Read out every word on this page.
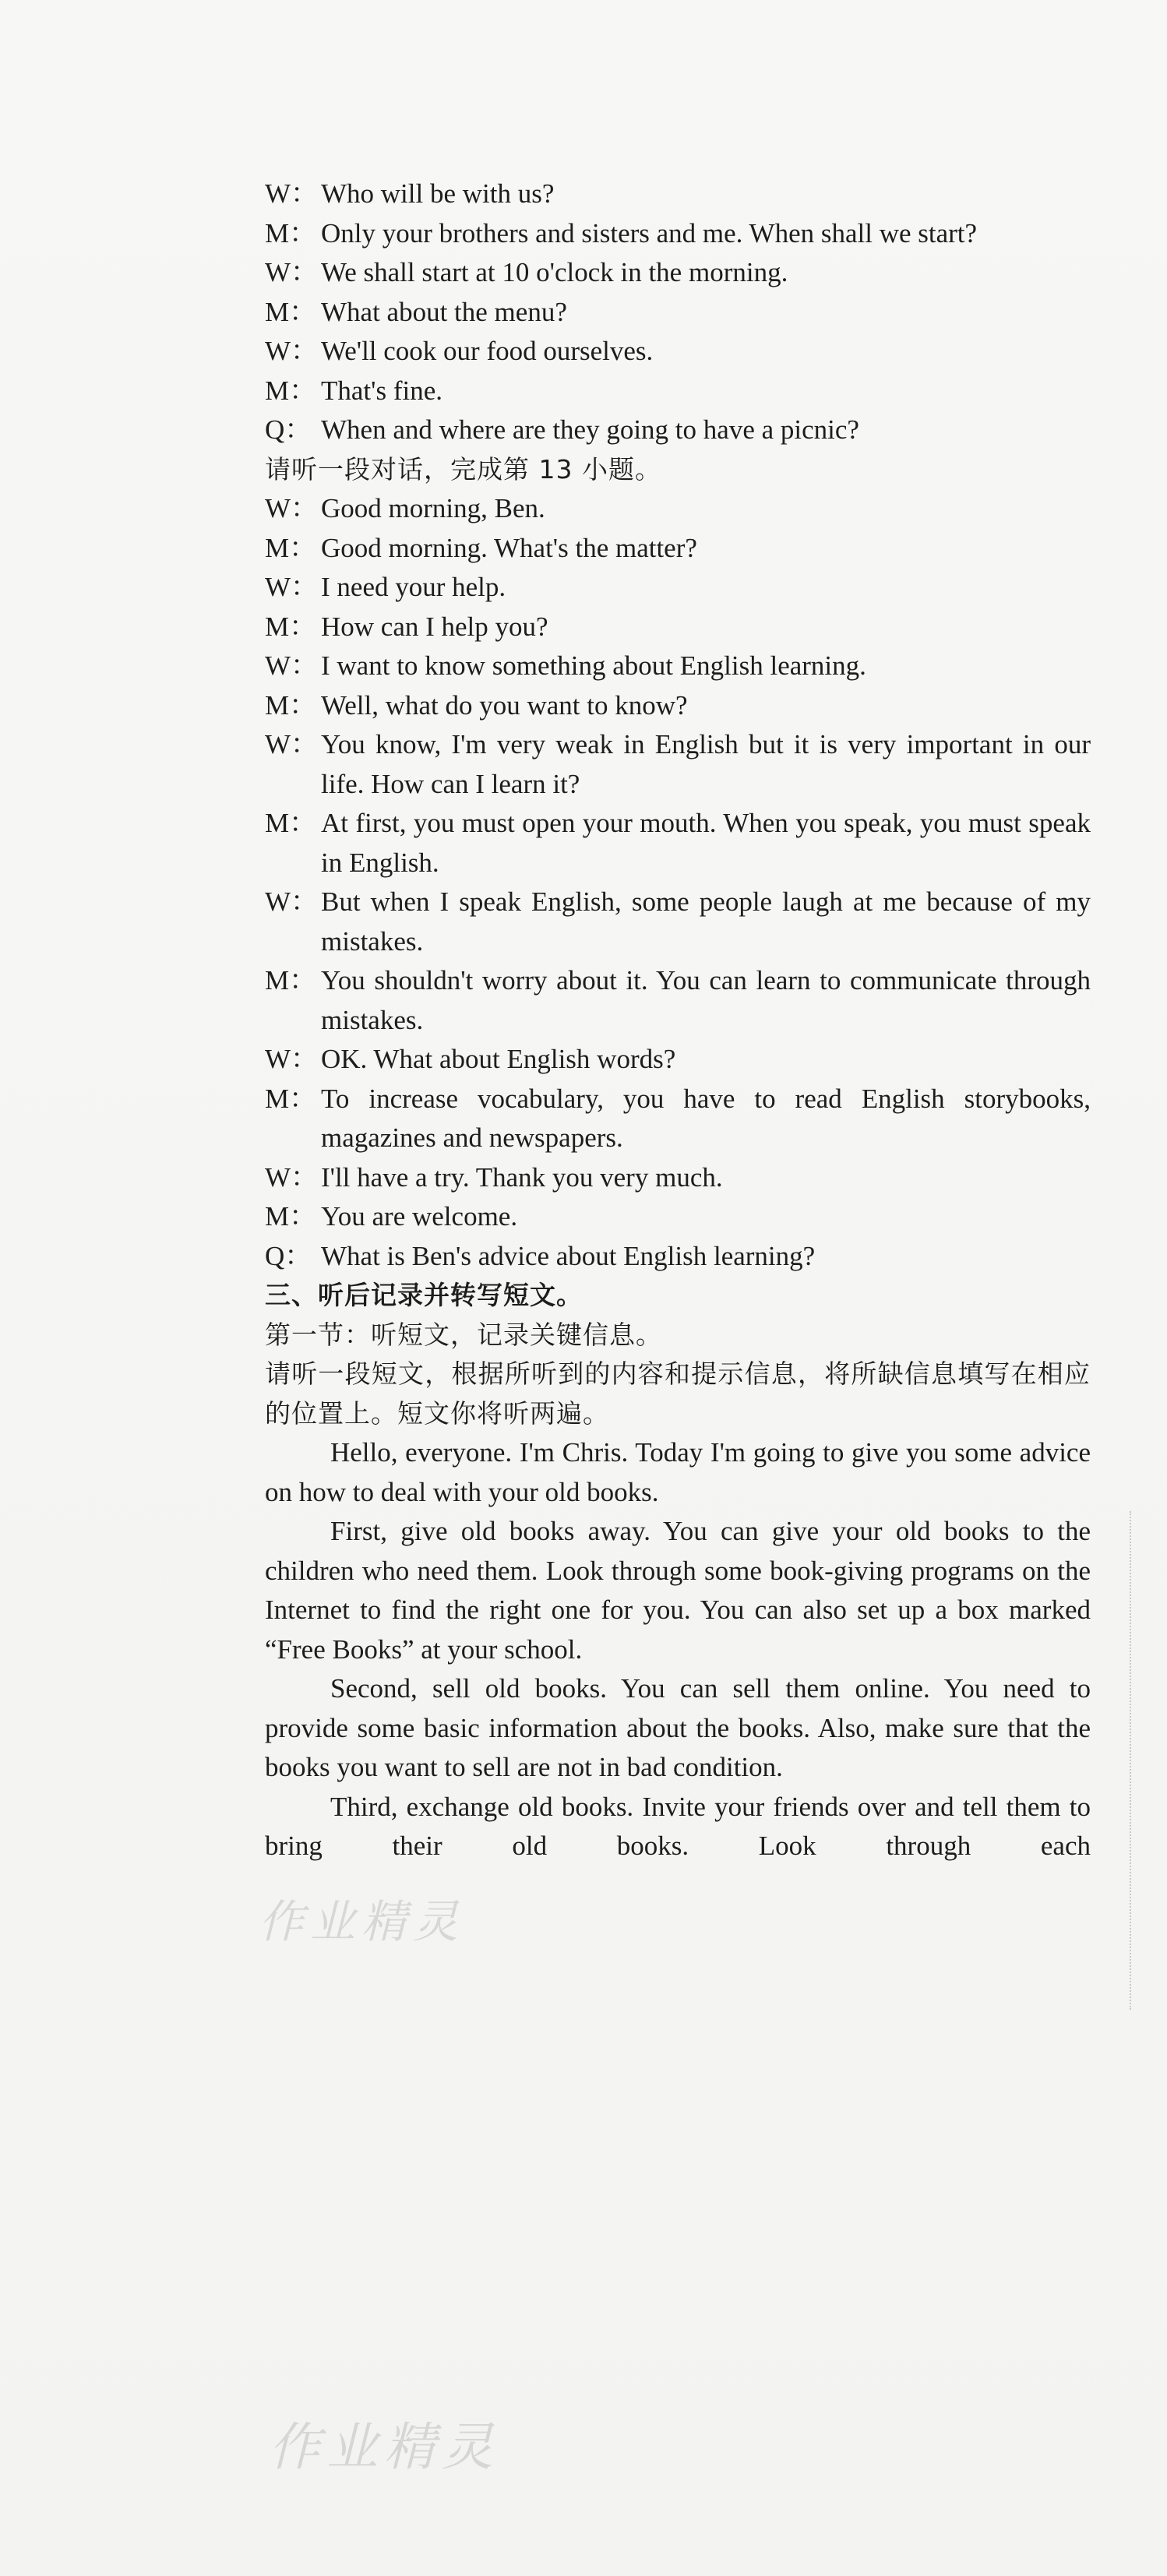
W： Who will be with us?
M： Only your brothers and sisters and me. When shall we start?
W： We shall start at 10 o'clock in the morning.
M： What about the menu?
W： We'll cook our food ourselves.
M： That's fine.
Q： When and where are they going to have a picnic?
请听一段对话，完成第 13 小题。
W： Good morning, Ben.
M： Good morning. What's the matter?
W： I need your help.
M： How can I help you?
W： I want to know something about English learning.
M： Well, what do you want to know?
W： You know, I'm very weak in English but it is very important in our life. How can I learn it?
M： At first, you must open your mouth. When you speak, you must speak in English.
W： But when I speak English, some people laugh at me because of my mistakes.
M： You shouldn't worry about it. You can learn to communicate through mistakes.
W： OK. What about English words?
M： To increase vocabulary, you have to read English storybooks, magazines and newspapers.
W： I'll have a try. Thank you very much.
M： You are welcome.
Q： What is Ben's advice about English learning?
三、听后记录并转写短文。
第一节：听短文，记录关键信息。
请听一段短文，根据所听到的内容和提示信息，将所缺信息填写在相应的位置上。短文你将听两遍。

Hello, everyone. I'm Chris. Today I'm going to give you some advice on how to deal with your old books.

First, give old books away. You can give your old books to the children who need them. Look through some book-giving programs on the Internet to find the right one for you. You can also set up a box marked “Free Books” at your school.

Second, sell old books. You can sell them online. You need to provide some basic information about the books. Also, make sure that the books you want to sell are not in bad condition.

Third, exchange old books. Invite your friends over and tell them to bring their old books. Look through each

作业精灵
作业精灵
